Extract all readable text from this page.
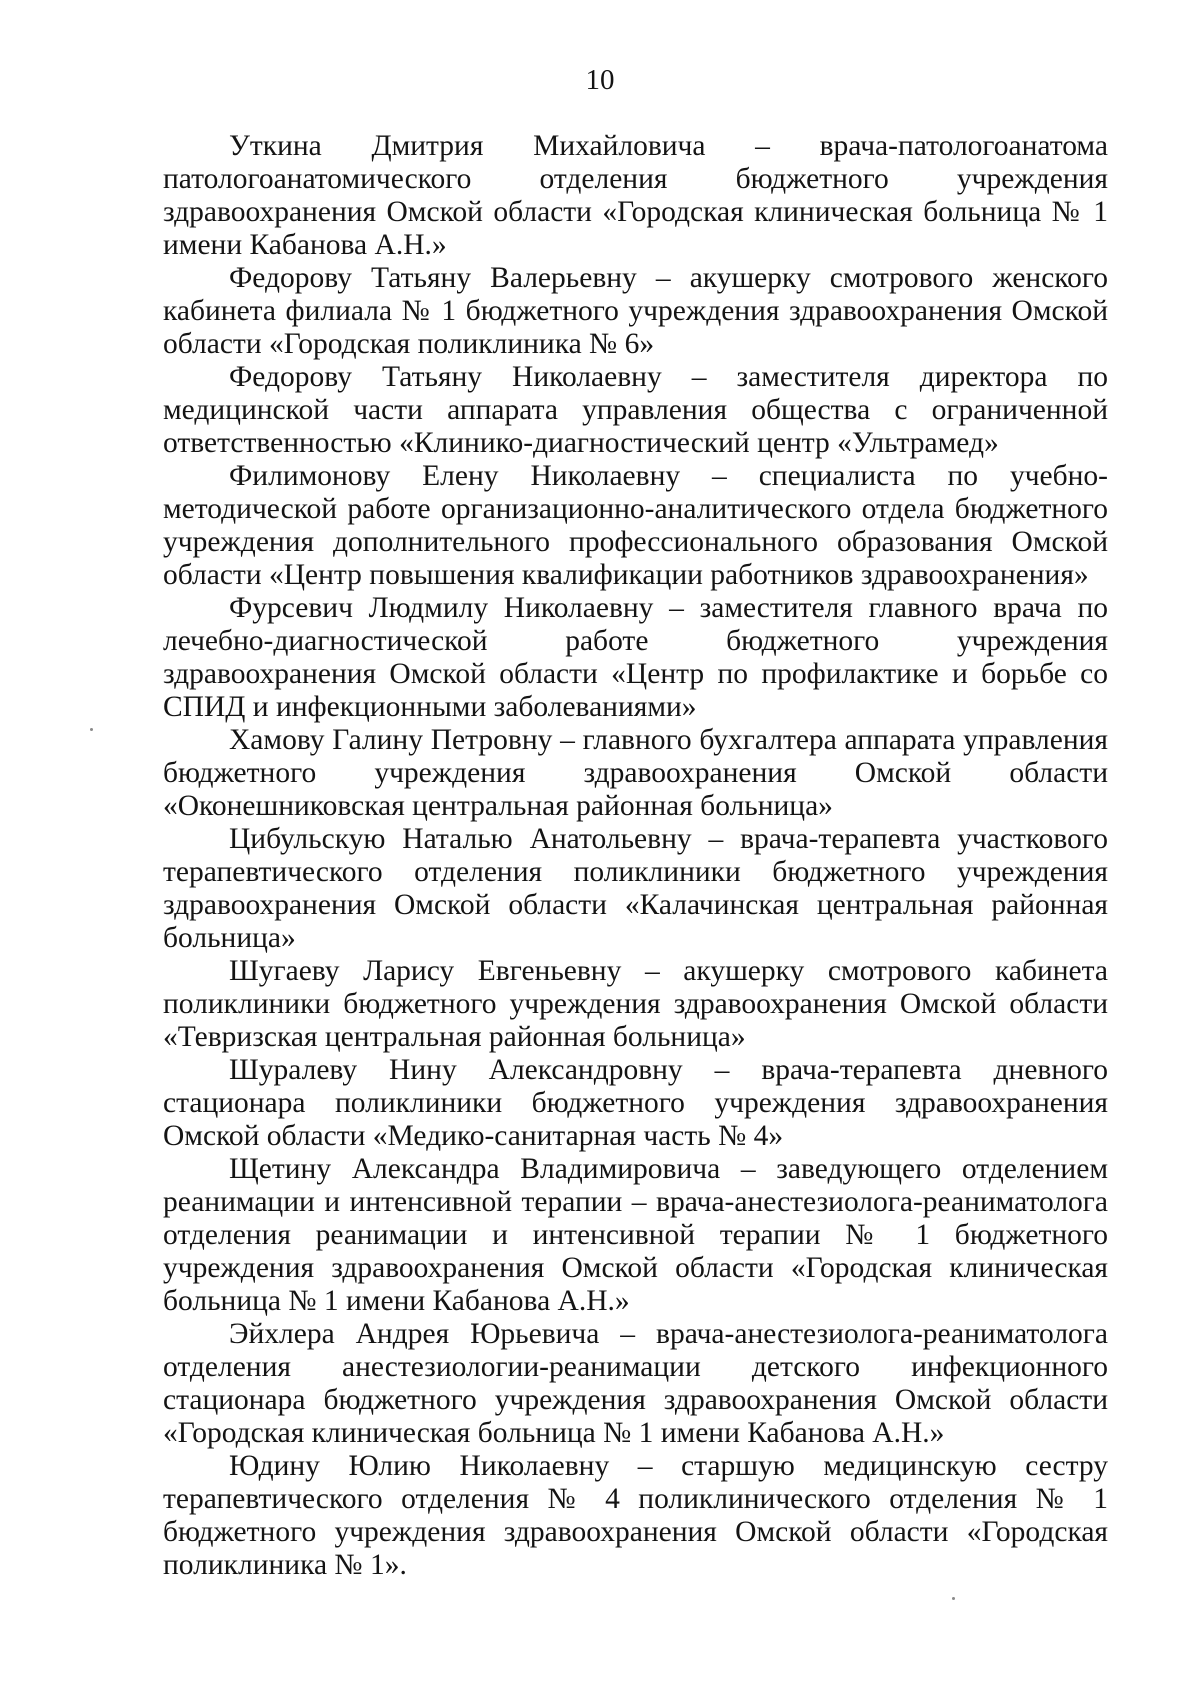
10

Уткина Дмитрия Михайловича – врача-патологоанатома патологоанатомического отделения бюджетного учреждения здравоохранения Омской области «Городская клиническая больница № 1 имени Кабанова А.Н.»

Федорову Татьяну Валерьевну – акушерку смотрового женского кабинета филиала № 1 бюджетного учреждения здравоохранения Омской области «Городская поликлиника № 6»

Федорову Татьяну Николаевну – заместителя директора по медицинской части аппарата управления общества с ограниченной ответственностью «Клинико-диагностический центр «Ультрамед»

Филимонову Елену Николаевну – специалиста по учебно-методической работе организационно-аналитического отдела бюджетного учреждения дополнительного профессионального образования Омской области «Центр повышения квалификации работников здравоохранения»

Фурсевич Людмилу Николаевну – заместителя главного врача по лечебно-диагностической работе бюджетного учреждения здравоохранения Омской области «Центр по профилактике и борьбе со СПИД и инфекционными заболеваниями»

Хамову Галину Петровну – главного бухгалтера аппарата управления бюджетного учреждения здравоохранения Омской области «Оконешниковская центральная районная больница»

Цибульскую Наталью Анатольевну – врача-терапевта участкового терапевтического отделения поликлиники бюджетного учреждения здравоохранения Омской области «Калачинская центральная районная больница»

Шугаеву Ларису Евгеньевну – акушерку смотрового кабинета поликлиники бюджетного учреждения здравоохранения Омской области «Тевризская центральная районная больница»

Шуралеву Нину Александровну – врача-терапевта дневного стационара поликлиники бюджетного учреждения здравоохранения Омской области «Медико-санитарная часть № 4»

Щетину Александра Владимировича – заведующего отделением реанимации и интенсивной терапии – врача-анестезиолога-реаниматолога отделения реанимации и интенсивной терапии № 1 бюджетного учреждения здравоохранения Омской области «Городская клиническая больница № 1 имени Кабанова А.Н.»

Эйхлера Андрея Юрьевича – врача-анестезиолога-реаниматолога отделения анестезиологии-реанимации детского инфекционного стационара бюджетного учреждения здравоохранения Омской области «Городская клиническая больница № 1 имени Кабанова А.Н.»

Юдину Юлию Николаевну – старшую медицинскую сестру терапевтического отделения № 4 поликлинического отделения № 1 бюджетного учреждения здравоохранения Омской области «Городская поликлиника № 1».
